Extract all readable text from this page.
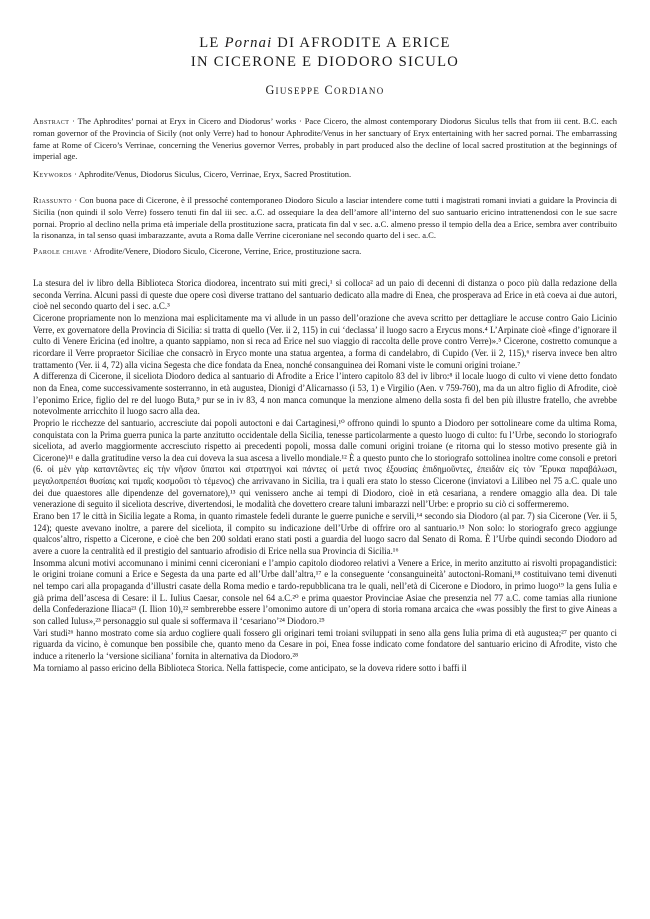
LE Pornai DI AFRODITE A ERICE
IN CICERONE E DIODORO SICULO
Giuseppe Cordiano

Abstract · The Aphrodites’ pornai at Eryx in Cicero and Diodorus’ works · Pace Cicero, the almost contemporary Diodorus Siculus tells that from iii cent. B.C. each roman governor of the Provincia of Sicily (not only Verre) had to honour Aphrodite/Venus in her sanctuary of Eryx entertaining with her sacred pornai. The embarrassing fame at Rome of Cicero’s Verrinae, concerning the Venerius governor Verres, probably in part produced also the decline of local sacred prostitution at the beginnings of imperial age.

Keywords · Aphrodite/Venus, Diodorus Siculus, Cicero, Verrinae, Eryx, Sacred Prostitution.

Riassunto · Con buona pace di Cicerone, è il pressoché contemporaneo Diodoro Siculo a lasciar intendere come tutti i magistrati romani inviati a guidare la Provincia di Sicilia (non quindi il solo Verre) fossero tenuti fin dal iii sec. a.C. ad ossequiare la dea dell’amore all’interno del suo santuario ericino intrattenendosi con le sue sacre pornai. Proprio al declino nella prima età imperiale della prostituzione sacra, praticata fin dal v sec. a.C. almeno presso il tempio della dea a Erice, sembra aver contribuito la risonanza, in tal senso quasi imbarazzante, avuta a Roma dalle Verrine ciceroniane nel secondo quarto del i sec. a.C.

Parole chiave · Afrodite/Venere, Diodoro Siculo, Cicerone, Verrine, Erice, prostituzione sacra.

La stesura del iv libro della Biblioteca Storica diodorea, incentrato sui miti greci,¹ si colloca² ad un paio di decenni di distanza o poco più dalla redazione della seconda Verrina. Alcuni passi di queste due opere così diverse trattano del santuario dedicato alla madre di Enea, che prosperava ad Erice in età coeva ai due autori, cioè nel secondo quarto del i sec. a.C.³

Cicerone propriamente non lo menziona mai esplicitamente ma vi allude in un passo dell’orazione che aveva scritto per dettagliare le accuse contro Gaio Licinio Verre, ex governatore della Provincia di Sicilia: si tratta di quello (Ver. ii 2, 115) in cui ‘declassa’ il luogo sacro a Erycus mons.⁴ L’Arpinate cioè «finge d’ignorare il culto di Venere Ericina (ed inoltre, a quanto sappiamo, non si reca ad Erice nel suo viaggio di raccolta delle prove contro Verre)».⁵ Cicerone, costretto comunque a ricordare il Verre propraetor Siciliae che consacrò in Eryco monte una statua argentea, a forma di candelabro, di Cupido (Ver. ii 2, 115),⁶ riserva invece ben altro trattamento (Ver. ii 4, 72) alla vicina Segesta che dice fondata da Enea, nonché consanguinea dei Romani viste le comuni origini troiane.⁷

A differenza di Cicerone, il siceliota Diodoro dedica al santuario di Afrodite a Erice l’intero capitolo 83 del iv libro:⁸ il locale luogo di culto vi viene detto fondato non da Enea, come successivamente sosterranno, in età augustea, Dionigi d’Alicarnasso (i 53, 1) e Virgilio (Aen. v 759-760), ma da un altro figlio di Afrodite, cioè l’eponimo Erice, figlio del re del luogo Buta,⁹ pur se in iv 83, 4 non manca comunque la menzione almeno della sosta fi del ben più illustre fratello, che avrebbe notevolmente arricchito il luogo sacro alla dea.

Proprio le ricchezze del santuario, accresciute dai popoli autoctoni e dai Cartaginesi,¹⁰ offrono quindi lo spunto a Diodoro per sottolineare come da ultima Roma, conquistata con la Prima guerra punica la parte anzitutto occidentale della Sicilia, tenesse particolarmente a questo luogo di culto: fu l’Urbe, secondo lo storiografo siceliota, ad averlo maggiormente accresciuto rispetto ai precedenti popoli, mossa dalle comuni origini troiane (e ritorna qui lo stesso motivo presente già in Cicerone)¹¹ e dalla gratitudine verso la dea cui doveva la sua ascesa a livello mondiale.¹² È a questo punto che lo storiografo sottolinea inoltre come consoli e pretori (6. οἱ μὲν γὰρ καταντῶντες εἰς τὴν νῆσον ὕπατοι καὶ στρατηγοὶ καὶ πάντες οἱ μετά τινος ἐξουσίας ἐπιδημοῦντες, ἐπειδὰν εἰς τὸν Ἔρυκα παραβάλωσι, μεγαλοπρεπέσι θυσίαις καὶ τιμαῖς κοσμοῦσι τὸ τέμενος) che arrivavano in Sicilia, tra i quali era stato lo stesso Cicerone (inviatovi a Lilibeo nel 75 a.C. quale uno dei due quaestores alle dipendenze del governatore),¹³ qui venissero anche ai tempi di Diodoro, cioè in età cesariana, a rendere omaggio alla dea. Di tale venerazione di seguito il siceliota descrive, divertendosi, le modalità che dovettero creare taluni imbarazzi nell’Urbe: e proprio su ciò ci soffermeremo.

Erano ben 17 le città in Sicilia legate a Roma, in quanto rimastele fedeli durante le guerre puniche e servili,¹⁴ secondo sia Diodoro (al par. 7) sia Cicerone (Ver. ii 5, 124); queste avevano inoltre, a parere del siceliota, il compito su indicazione dell’Urbe di offrire oro al santuario.¹⁵ Non solo: lo storiografo greco aggiunge qualcos’altro, rispetto a Cicerone, e cioè che ben 200 soldati erano stati posti a guardia del luogo sacro dal Senato di Roma. È l’Urbe quindi secondo Diodoro ad avere a cuore la centralità ed il prestigio del santuario afrodisio di Erice nella sua Provincia di Sicilia.¹⁶

Insomma alcuni motivi accomunano i minimi cenni ciceroniani e l’ampio capitolo diodoreo relativi a Venere a Erice, in merito anzitutto ai risvolti propagandistici: le origini troiane comuni a Erice e Segesta da una parte ed all’Urbe dall’altra,¹⁷ e la conseguente ‘consanguineità’ autoctoni-Romani,¹⁸ costituivano temi divenuti nel tempo cari alla propaganda d’illustri casate della Roma medio e tardo-repubblicana tra le quali, nell’età di Cicerone e Diodoro, in primo luogo¹⁹ la gens Iulia e già prima dell’ascesa di Cesare: il L. Iulius Caesar, console nel 64 a.C.²⁰ e prima quaestor Provinciae Asiae che presenzia nel 77 a.C. come tamias alla riunione della Confederazione Iliaca²¹ (I. Ilion 10),²² sembrerebbe essere l’omonimo autore di un’opera di storia romana arcaica che «was possibly the first to give Aineas a son called Iulus»,²³ personaggio sul quale si soffermava il ‘cesariano’²⁴ Diodoro.²⁵

Vari studi²⁶ hanno mostrato come sia arduo cogliere quali fossero gli originari temi troiani sviluppati in seno alla gens Iulia prima di età augustea;²⁷ per quanto ci riguarda da vicino, è comunque ben possibile che, quanto meno da Cesare in poi, Enea fosse indicato come fondatore del santuario ericino di Afrodite, visto che induce a ritenerlo la ‘versione siciliana’ fornita in alternativa da Diodoro.²⁸

Ma torniamo al passo ericino della Biblioteca Storica. Nella fattispecie, come anticipato, se la doveva ridere sotto i baffi il
